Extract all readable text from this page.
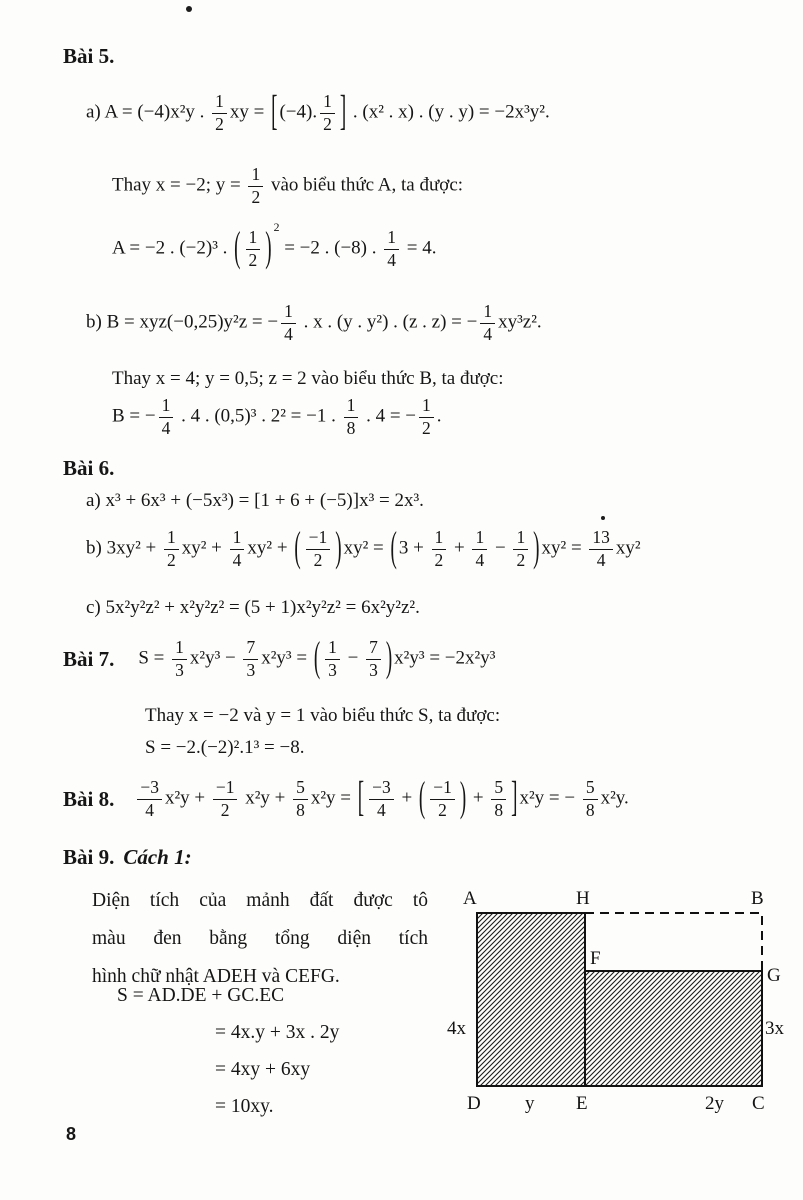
Bài 5.
a) A = (−4)x²y . $\frac{1}{2}$ xy = [ (−4). $\frac{1}{2}$ ] . (x² . x) . (y . y) = −2x³y².
Thay x = −2; $y = \frac{1}{2}$ vào biểu thức A, ta được:
A = −2 . (−2)³ . ( $\frac{1}{2}$ ) $^2$ = −2 . (−8) . $\frac{1}{4} = 4$.
b) B = xyz(−0,25)y²z = − $\frac{1}{4}$ . x . (y . y²) . (z . z) = − $\frac{1}{4} xy^3z^2$.
Thay x = 4; y = 0,5; z = 2 vào biểu thức B, ta được:
B = − $\frac{1}{4}$ . 4 . (0,5)³ . 2² = −1 . $\frac{1}{8}$ . 4 = − $\frac{1}{2}$ .
Bài 6.
a) x³ + 6x³ + (−5x³) = [1 + 6 + (−5)]x³ = 2x³.
b) $3xy^2 + \frac{1}{2} xy^2 + \frac{1}{4} xy^2$ + ( $\frac{-1}{2}$ ) xy² = ( $3 + \frac{1}{2} + \frac{1}{4} - \frac{1}{2}$ ) $xy^2 = \frac{13}{4} xy^2$
c) 5x²y²z² + x²y²z² = (5 + 1)x²y²z² = 6x²y²z².
Bài 7. $S = \frac{1}{3} x^2y^3 - \frac{7}{3} x^2y^3$ = ( $\frac{1}{3} - \frac{7}{3}$ ) x²y³ = −2x²y³
Thay x = −2 và y = 1 vào biểu thức S, ta được:
S = −2.(−2)².1³ = −8.
Bài 8. $\frac{-3}{4} x^2y + \frac{-1}{2} x^2y + \frac{5}{8} x^2y$ = [ $\frac{-3}{4}$ + ( $\frac{-1}{2}$ ) + $\frac{5}{8}$ ] x²y = − $\frac{5}{8} x^2y$.
Bài 9. Cách 1:
Diện tích của mảnh đất được tô
màu đen bằng tổng diện tích
hình chữ nhật ADEH và CEFG.
S = AD.DE + GC.EC
= 4x.y + 3x . 2y
= 4xy + 6xy
= 10xy.
A	H	B
F
G
D	E	C
4x	3x
y	2y
8
